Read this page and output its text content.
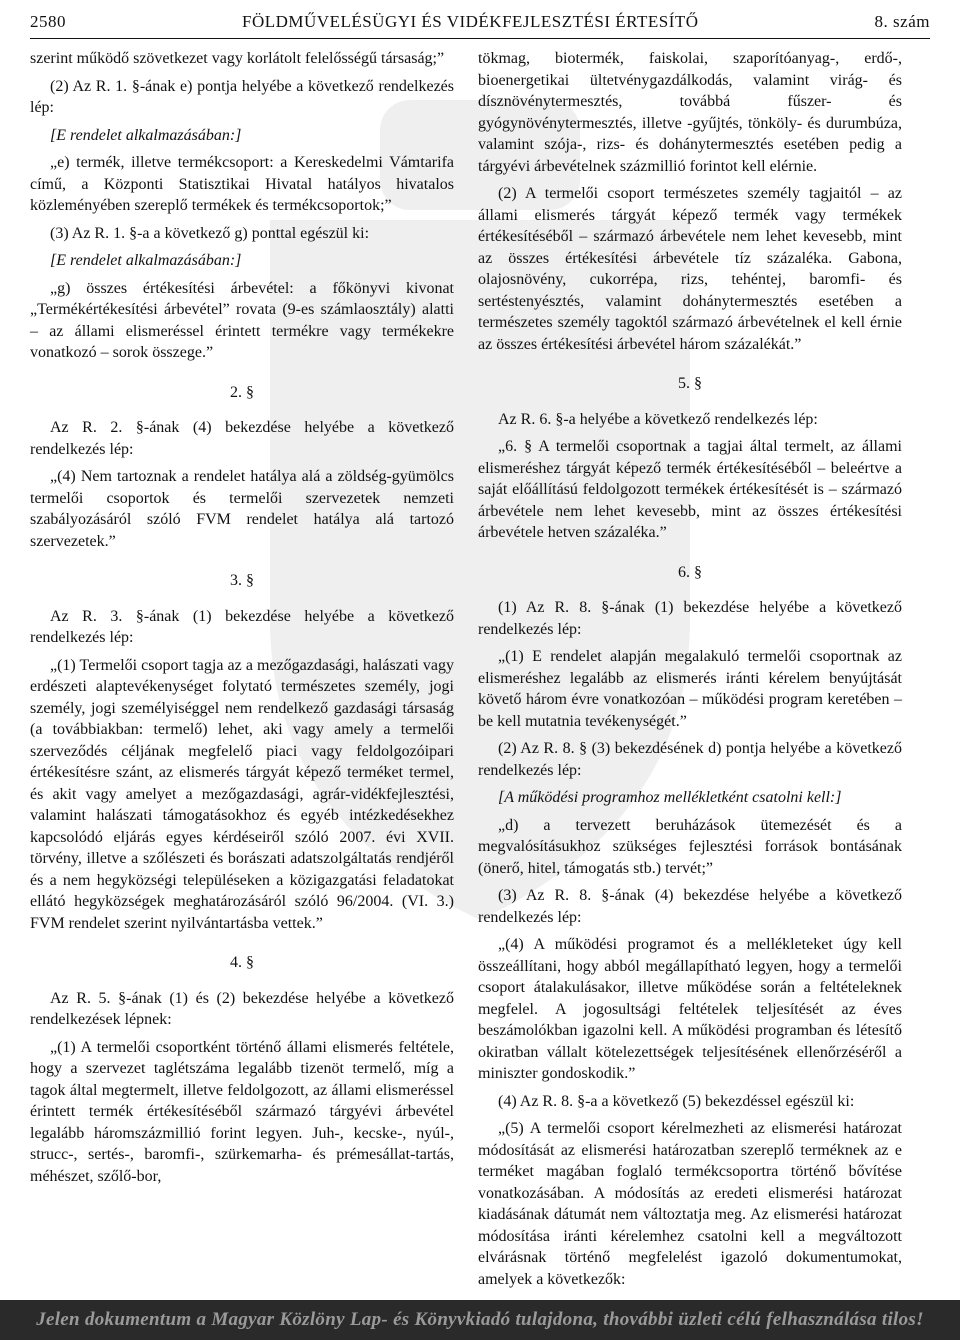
2580	FÖLDMŰVELÉSÜGYI ÉS VIDÉKFEJLESZTÉSI ÉRTESÍTŐ	8. szám

szerint működő szövetkezet vagy korlátolt felelősségű társaság;”

(2) Az R. 1. §-ának e) pontja helyébe a következő rendelkezés lép:

[E rendelet alkalmazásában:]

„e) termék, illetve termékcsoport: a Kereskedelmi Vámtarifa című, a Központi Statisztikai Hivatal hatályos hivatalos közleményében szereplő termékek és termékcsoportok;”

(3) Az R. 1. §-a a következő g) ponttal egészül ki:

[E rendelet alkalmazásában:]

„g) összes értékesítési árbevétel: a főkönyvi kivonat „Termékértékesítési árbevétel” rovata (9-es számlaosztály) alatti – az állami elismeréssel érintett termékre vagy termékekre vonatkozó – sorok összege.”

2. §

Az R. 2. §-ának (4) bekezdése helyébe a következő rendelkezés lép:

„(4) Nem tartoznak a rendelet hatálya alá a zöldség-gyümölcs termelői csoportok és termelői szervezetek nemzeti szabályozásáról szóló FVM rendelet hatálya alá tartozó szervezetek.”

3. §

Az R. 3. §-ának (1) bekezdése helyébe a következő rendelkezés lép:

„(1) Termelői csoport tagja az a mezőgazdasági, halászati vagy erdészeti alaptevékenységet folytató természetes személy, jogi személy, jogi személyiséggel nem rendelkező gazdasági társaság (a továbbiakban: termelő) lehet, aki vagy amely a termelői szerveződés céljának megfelelő piaci vagy feldolgozóipari értékesítésre szánt, az elismerés tárgyát képező terméket termel, és akit vagy amelyet a mezőgazdasági, agrár-vidékfejlesztési, valamint halászati támogatásokhoz és egyéb intézkedésekhez kapcsolódó eljárás egyes kérdéseiről szóló 2007. évi XVII. törvény, illetve a szőlészeti és borászati adatszolgáltatás rendjéről és a nem hegyközségi településeken a közigazgatási feladatokat ellátó hegyközségek meghatározásáról szóló 96/2004. (VI. 3.) FVM rendelet szerint nyilvántartásba vettek.”

4. §

Az R. 5. §-ának (1) és (2) bekezdése helyébe a következő rendelkezések lépnek:

„(1) A termelői csoportként történő állami elismerés feltétele, hogy a szervezet taglétszáma legalább tizenöt termelő, míg a tagok által megtermelt, illetve feldolgozott, az állami elismeréssel érintett termék értékesítéséből származó tárgyévi árbevétel legalább háromszázmillió forint legyen. Juh-, kecske-, nyúl-, strucc-, sertés-, baromfi-, szürkemarha- és prémesállat-tartás, méhészet, szőlő-bor,

tökmag, biotermék, faiskolai, szaporítóanyag-, erdő-, bioenergetikai ültetvénygazdálkodás, valamint virág- és dísznövénytermesztés, továbbá fűszer- és gyógynövénytermesztés, illetve -gyűjtés, tönköly- és durumbúza, valamint szója-, rizs- és dohánytermesztés esetében pedig a tárgyévi árbevételnek százmillió forintot kell elérnie.

(2) A termelői csoport természetes személy tagjaitól – az állami elismerés tárgyát képező termék vagy termékek értékesítéséből – származó árbevétele nem lehet kevesebb, mint az összes értékesítési árbevétele tíz százaléka. Gabona, olajosnövény, cukorrépa, rizs, tehéntej, baromfi- és sertéstenyésztés, valamint dohánytermesztés esetében a természetes személy tagoktól származó árbevételnek el kell érnie az összes értékesítési árbevétel három százalékát.”

5. §

Az R. 6. §-a helyébe a következő rendelkezés lép:

„6. § A termelői csoportnak a tagjai által termelt, az állami elismeréshez tárgyát képező termék értékesítéséből – beleértve a saját előállítású feldolgozott termékek értékesítését is – származó árbevétele nem lehet kevesebb, mint az összes értékesítési árbevétele hetven százaléka.”

6. §

(1) Az R. 8. §-ának (1) bekezdése helyébe a következő rendelkezés lép:

„(1) E rendelet alapján megalakuló termelői csoportnak az elismeréshez legalább az elismerés iránti kérelem benyújtását követő három évre vonatkozóan – működési program keretében – be kell mutatnia tevékenységét.”

(2) Az R. 8. § (3) bekezdésének d) pontja helyébe a következő rendelkezés lép:

[A működési programhoz mellékletként csatolni kell:]

„d) a tervezett beruházások ütemezését és a megvalósításukhoz szükséges fejlesztési források bontásának (önerő, hitel, támogatás stb.) tervét;”

(3) Az R. 8. §-ának (4) bekezdése helyébe a következő rendelkezés lép:

„(4) A működési programot és a mellékleteket úgy kell összeállítani, hogy abból megállapítható legyen, hogy a termelői csoport átalakulásakor, illetve működése során a feltételeknek megfelel. A jogosultsági feltételek teljesítését az éves beszámolókban igazolni kell. A működési programban és létesítő okiratban vállalt kötelezettségek teljesítésének ellenőrzéséről a miniszter gondoskodik.”

(4) Az R. 8. §-a a következő (5) bekezdéssel egészül ki:

„(5) A termelői csoport kérelmezheti az elismerési határozat módosítását az elismerési határozatban szereplő terméknek az e terméket magában foglaló termékcsoportra történő bővítése vonatkozásában. A módosítás az eredeti elismerési határozat kiadásának dátumát nem változtatja meg. Az elismerési határozat módosítása iránti kérelemhez csatolni kell a megváltozott elvárásnak történő megfelelést igazoló dokumentumokat, amelyek a következők:

Jelen dokumentum a Magyar Közlöny Lap- és Könyvkiadó tulajdona, thovábbi üzleti célú felhasználása tilos!
